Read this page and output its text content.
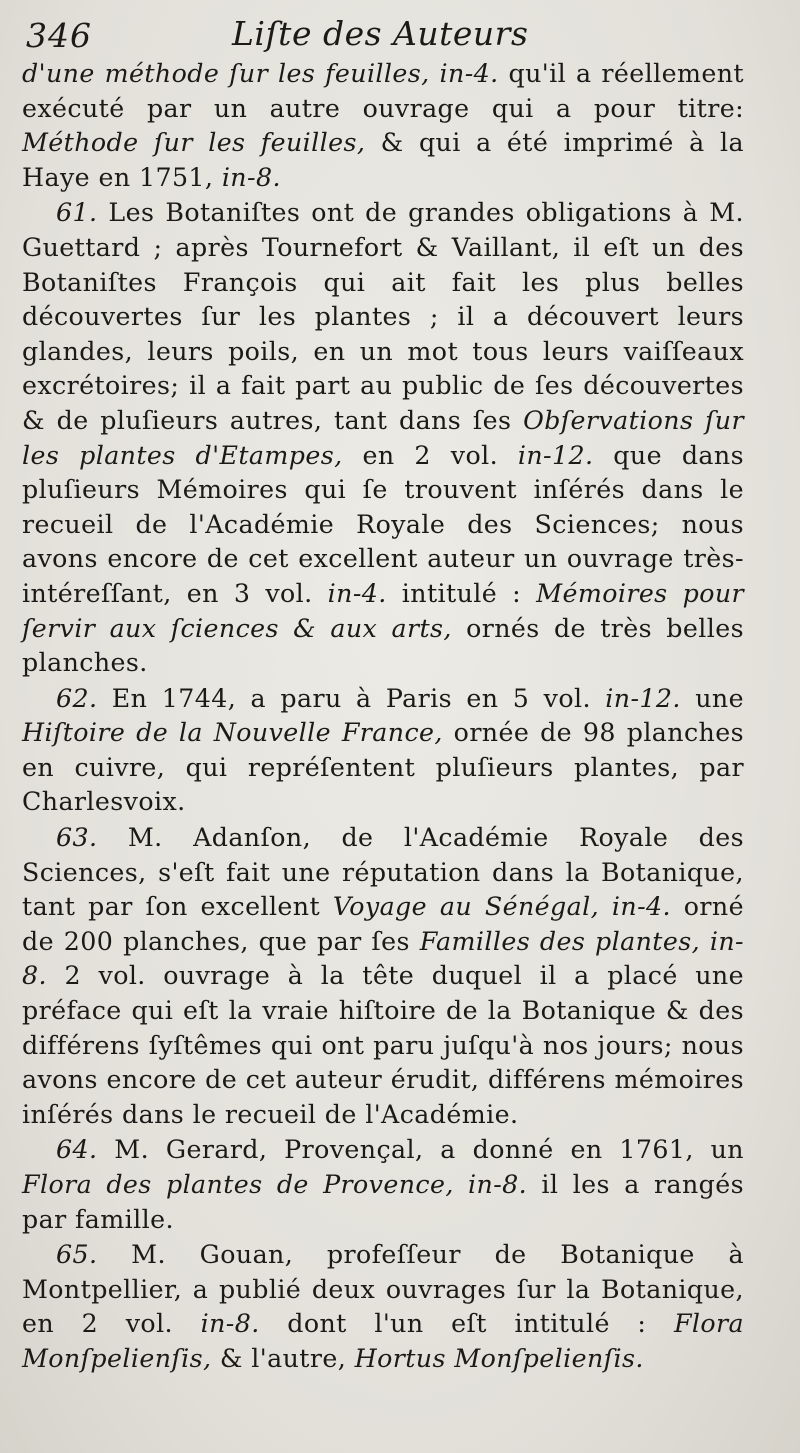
346	Liſte des Auteurs

d'une méthode ſur les feuilles, in-4. qu'il a réellement exécuté par un autre ouvrage qui a pour titre: Méthode ſur les feuilles, & qui a été imprimé à la Haye en 1751, in-8.

61. Les Botaniſtes ont de grandes obligations à M. Guettard ; après Tournefort & Vaillant, il eſt un des Botaniſtes François qui ait fait les plus belles découvertes ſur les plantes ; il a découvert leurs glandes, leurs poils, en un mot tous leurs vaiſſeaux excrétoires; il a fait part au public de ſes découvertes & de pluſieurs autres, tant dans ſes Obſervations ſur les plantes d'Etampes, en 2 vol. in-12. que dans pluſieurs Mémoires qui ſe trouvent inſérés dans le recueil de l'Académie Royale des Sciences; nous avons encore de cet excellent auteur un ouvrage très-intéreſſant, en 3 vol. in-4. intitulé : Mémoires pour ſervir aux ſciences & aux arts, ornés de très belles planches.

62. En 1744, a paru à Paris en 5 vol. in-12. une Hiſtoire de la Nouvelle France, ornée de 98 planches en cuivre, qui repréſentent pluſieurs plantes, par Charlesvoix.

63. M. Adanſon, de l'Académie Royale des Sciences, s'eſt fait une réputation dans la Botanique, tant par ſon excellent Voyage au Sénégal, in-4. orné de 200 planches, que par ſes Familles des plantes, in-8. 2 vol. ouvrage à la tête duquel il a placé une préface qui eſt la vraie hiſtoire de la Botanique & des différens ſyſtêmes qui ont paru juſqu'à nos jours; nous avons encore de cet auteur érudit, différens mémoires inſérés dans le recueil de l'Académie.

64. M. Gerard, Provençal, a donné en 1761, un Flora des plantes de Provence, in-8. il les a rangés par famille.

65. M. Gouan, profeſſeur de Botanique à Montpellier, a publié deux ouvrages ſur la Botanique, en 2 vol. in-8. dont l'un eſt intitulé : Flora Monſpelienſis, & l'autre, Hortus Monſpelienſis.
